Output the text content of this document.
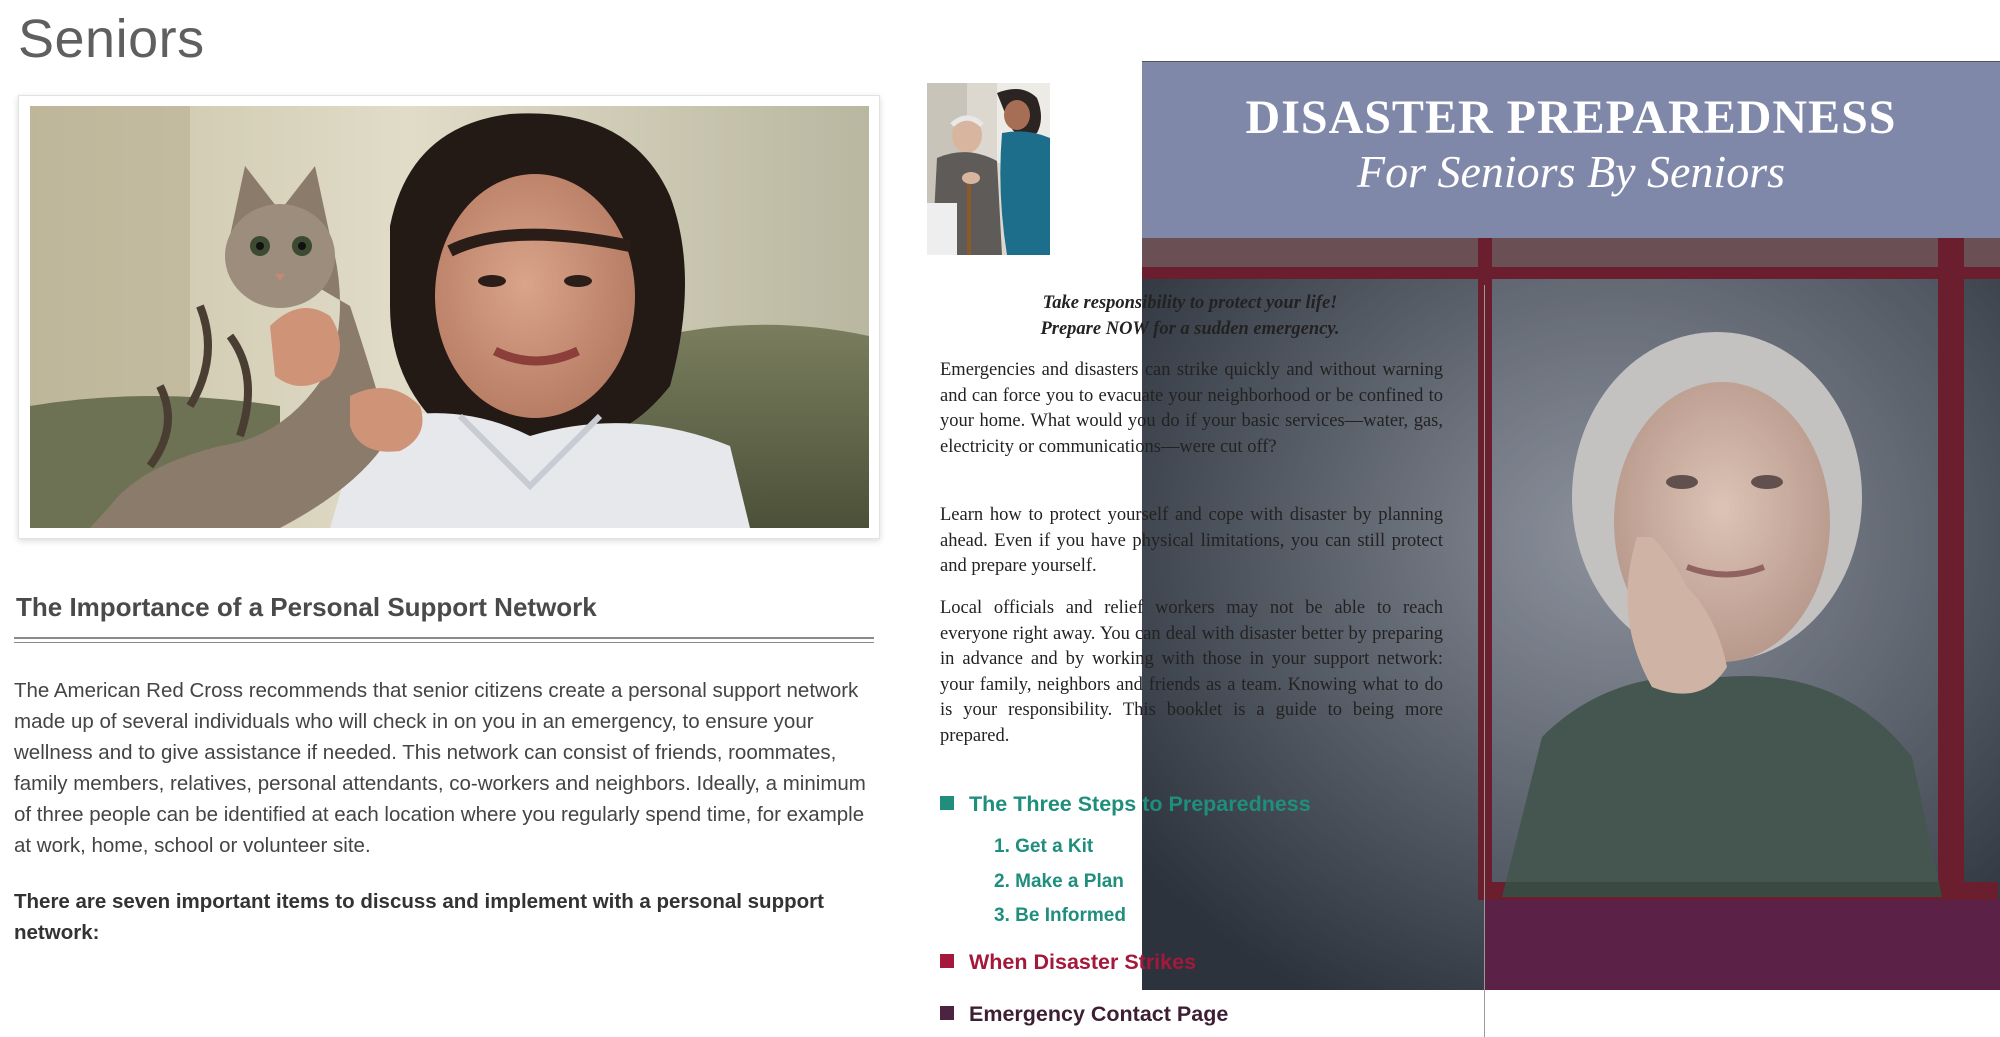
Seniors
The Importance of a Personal Support Network
The American Red Cross recommends that senior citizens create a personal support network made up of several individuals who will check in on you in an emergency, to ensure your wellness and to give assistance if needed. This network can consist of friends, roommates, family members, relatives, personal attendants, co-workers and neighbors. Ideally, a minimum of three people can be identified at each location where you regularly spend time, for example at work, home, school or volunteer site.
There are seven important items to discuss and implement with a personal support network:
DISASTER PREPAREDNESS
For Seniors By Seniors
Take responsibility to protect your life!
Prepare NOW for a sudden emergency.
Emergencies and disasters can strike quickly and without warning and can force you to evacuate your neighborhood or be confined to your home. What would you do if your basic services—water, gas, electricity or communications—were cut off?
Learn how to protect yourself and cope with disaster by planning ahead. Even if you have physical limitations, you can still protect and prepare yourself.
Local officials and relief workers may not be able to reach everyone right away. You can deal with disaster better by preparing in advance and by working with those in your support network: your family, neighbors and friends as a team. Knowing what to do is your responsibility. This booklet is a guide to being more prepared.
The Three Steps to Preparedness
1. Get a Kit
2. Make a Plan
3. Be Informed
When Disaster Strikes
Emergency Contact Page
